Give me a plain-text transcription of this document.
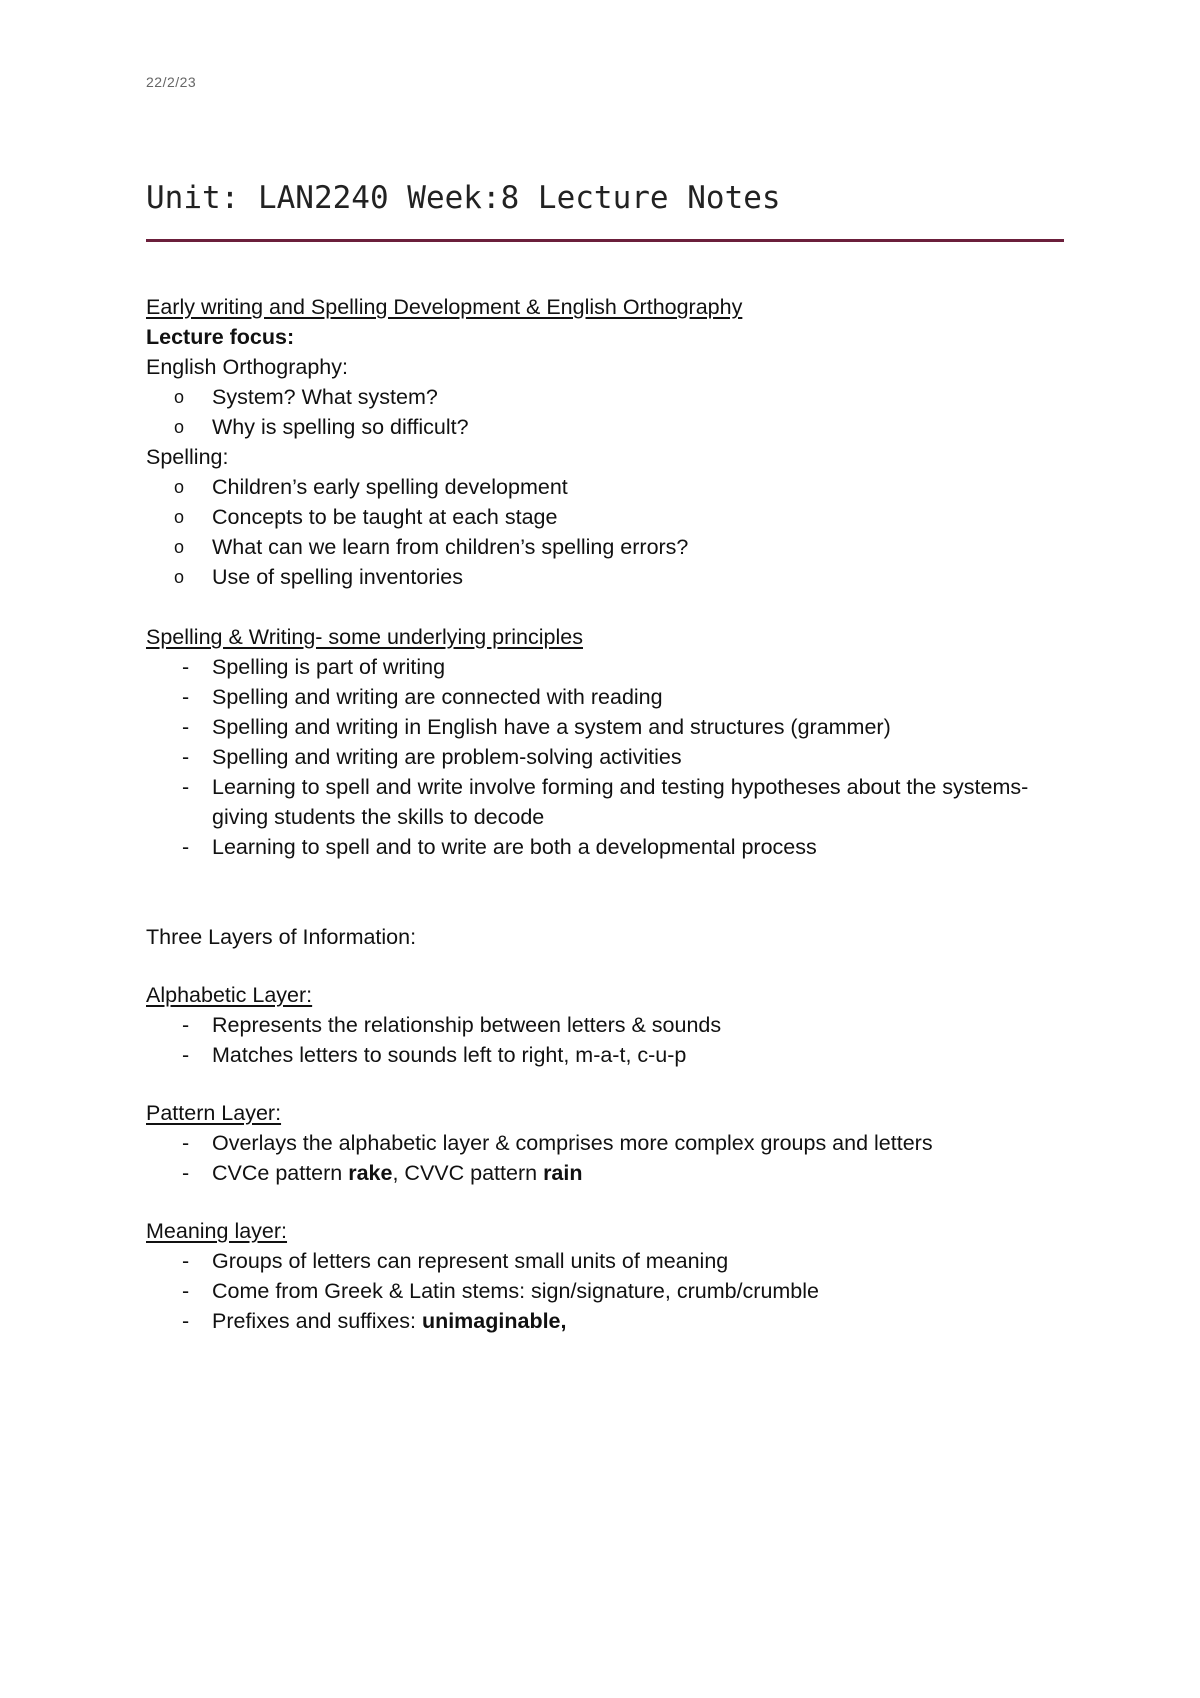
22/2/23
Unit: LAN2240 Week:8 Lecture Notes
Early writing and Spelling Development & English Orthography
Lecture focus:
English Orthography:
o System? What system?
o Why is spelling so difficult?
Spelling:
o Children’s early spelling development
o Concepts to be taught at each stage
o What can we learn from children’s spelling errors?
o Use of spelling inventories
Spelling & Writing- some underlying principles
- Spelling is part of writing
- Spelling and writing are connected with reading
- Spelling and writing in English have a system and structures (grammer)
- Spelling and writing are problem-solving activities
- Learning to spell and write involve forming and testing hypotheses about the systems- giving students the skills to decode
- Learning to spell and to write are both a developmental process
Three Layers of Information:
Alphabetic Layer:
- Represents the relationship between letters & sounds
- Matches letters to sounds left to right, m-a-t, c-u-p
Pattern Layer:
- Overlays the alphabetic layer & comprises more complex groups and letters
- CVCe pattern rake, CVVC pattern rain
Meaning layer:
- Groups of letters can represent small units of meaning
- Come from Greek & Latin stems: sign/signature, crumb/crumble
- Prefixes and suffixes: unimaginable,
